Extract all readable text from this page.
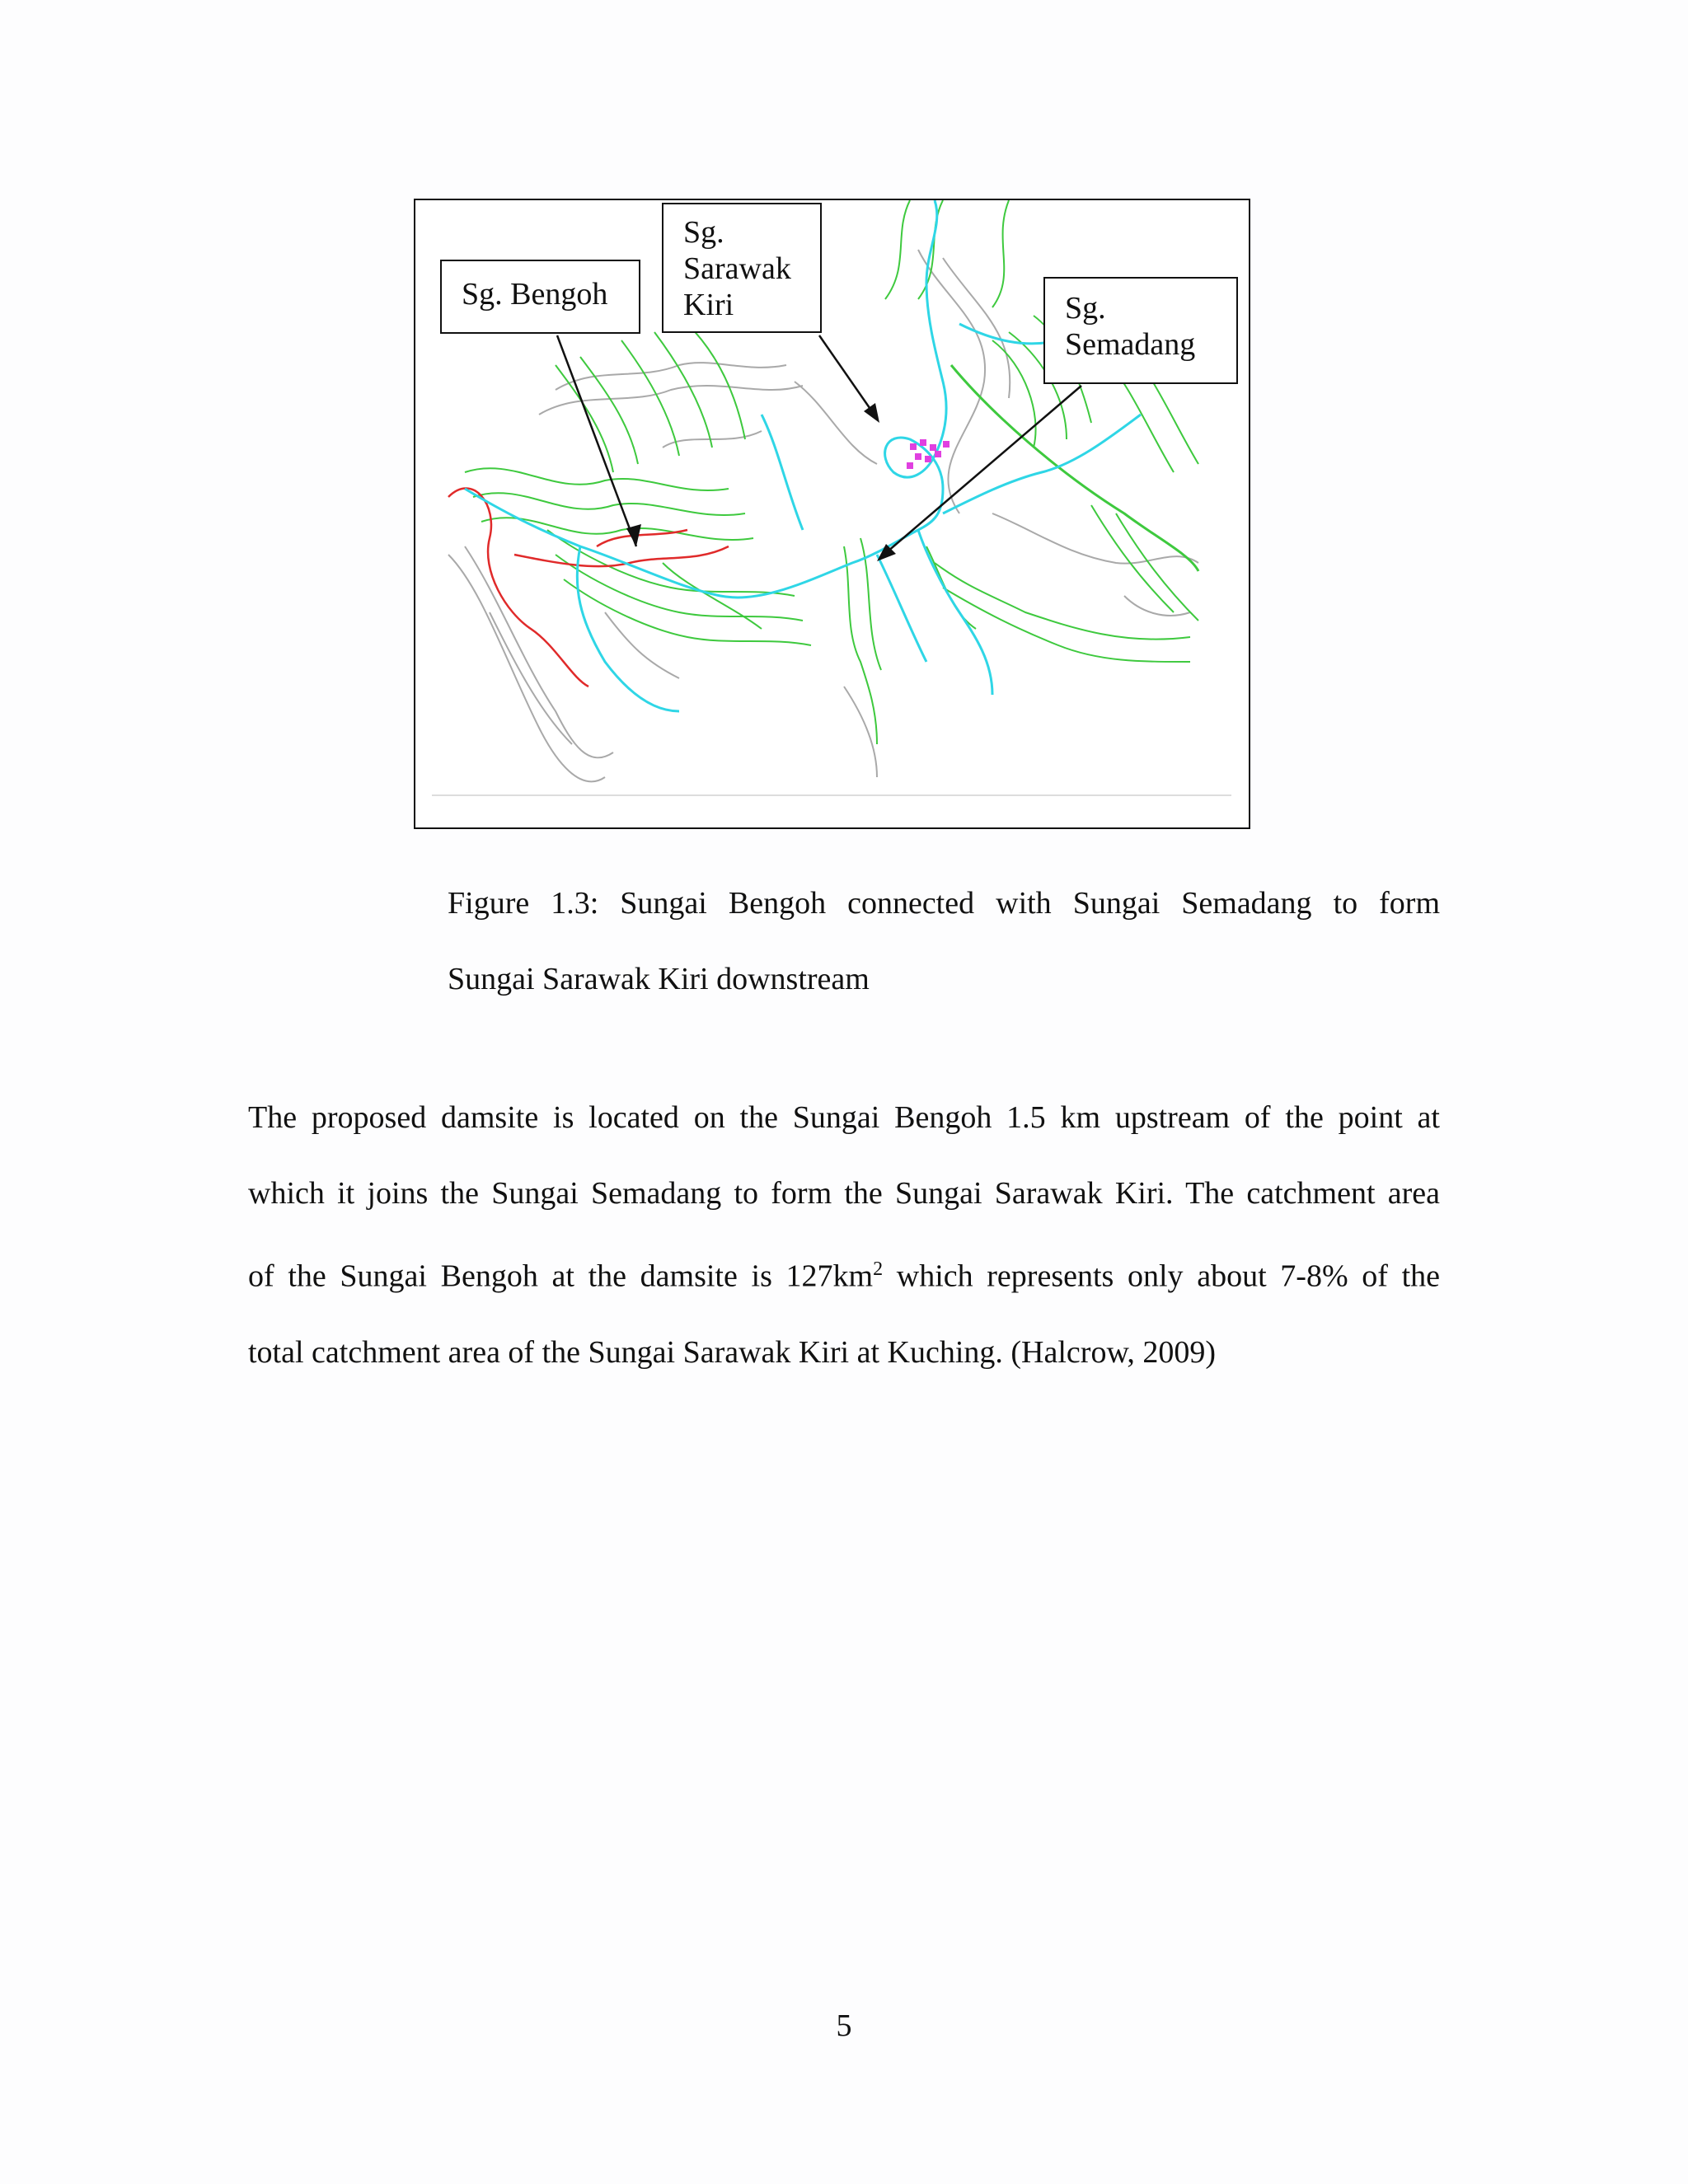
Sg. Bengoh
Sg.
Sarawak
Kiri	Sg.
Semadang
Figure 1.3: Sungai Bengoh connected with Sungai Semadang to form
Sungai Sarawak Kiri downstream
The proposed damsite is located on the Sungai Bengoh 1.5 km upstream of the point at
which it joins the Sungai Semadang to form the Sungai Sarawak Kiri. The catchment area
of the Sungai Bengoh at the damsite is $127km^2$ which represents only about 7-8% of the
total catchment area of the Sungai Sarawak Kiri at Kuching. (Halcrow, 2009)
5
